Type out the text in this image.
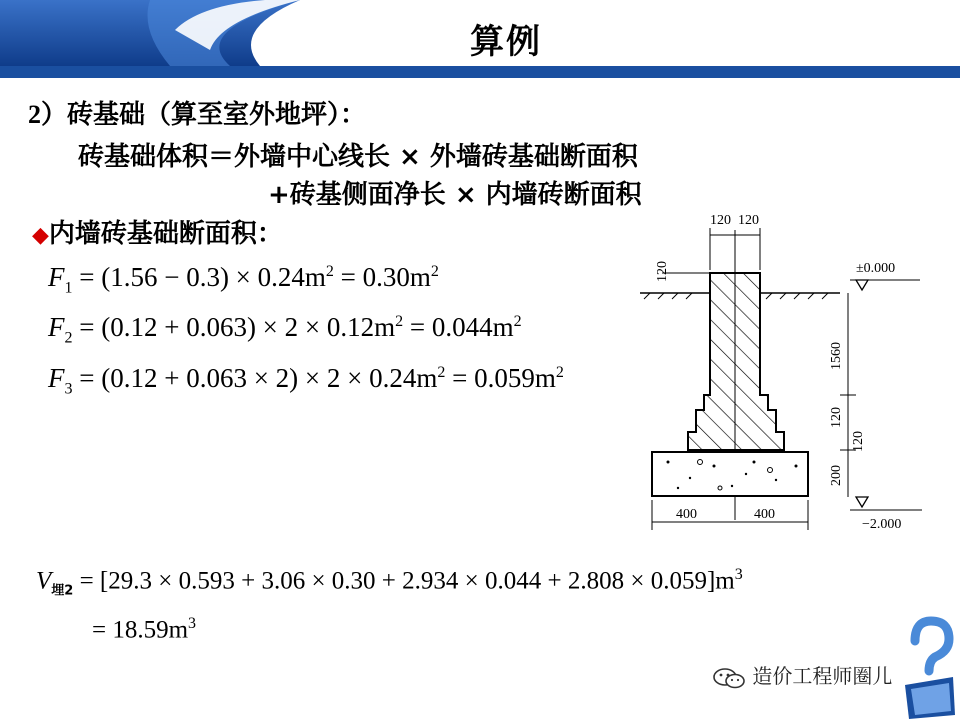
算例
2）砖基础（算至室外地坪）：
砖基础体积＝外墙中心线长 × 外墙砖基础断面积
+砖基侧面净长 × 内墙砖断面积
◆内墙砖基础断面积：
$F_1 = (1.56 - 0.3) \times 0.24m^2 = 0.30m^2$
$F_2 = (0.12 + 0.063) \times 2 \times 0.12m^2 = 0.044m^2$
$F_3 = (0.12 + 0.063 \times 2) \times 2 \times 0.24m^2 = 0.059m^2$
$V_{埋2} = [29.3 \times 0.593 + 3.06 \times 0.30 + 2.934 \times 0.044 + 2.808 \times 0.059]m^3$
= $18.59m^3$
120 120
120	±0.000
1560
120
120
200
−2.000
400	400
造价工程师圈儿
